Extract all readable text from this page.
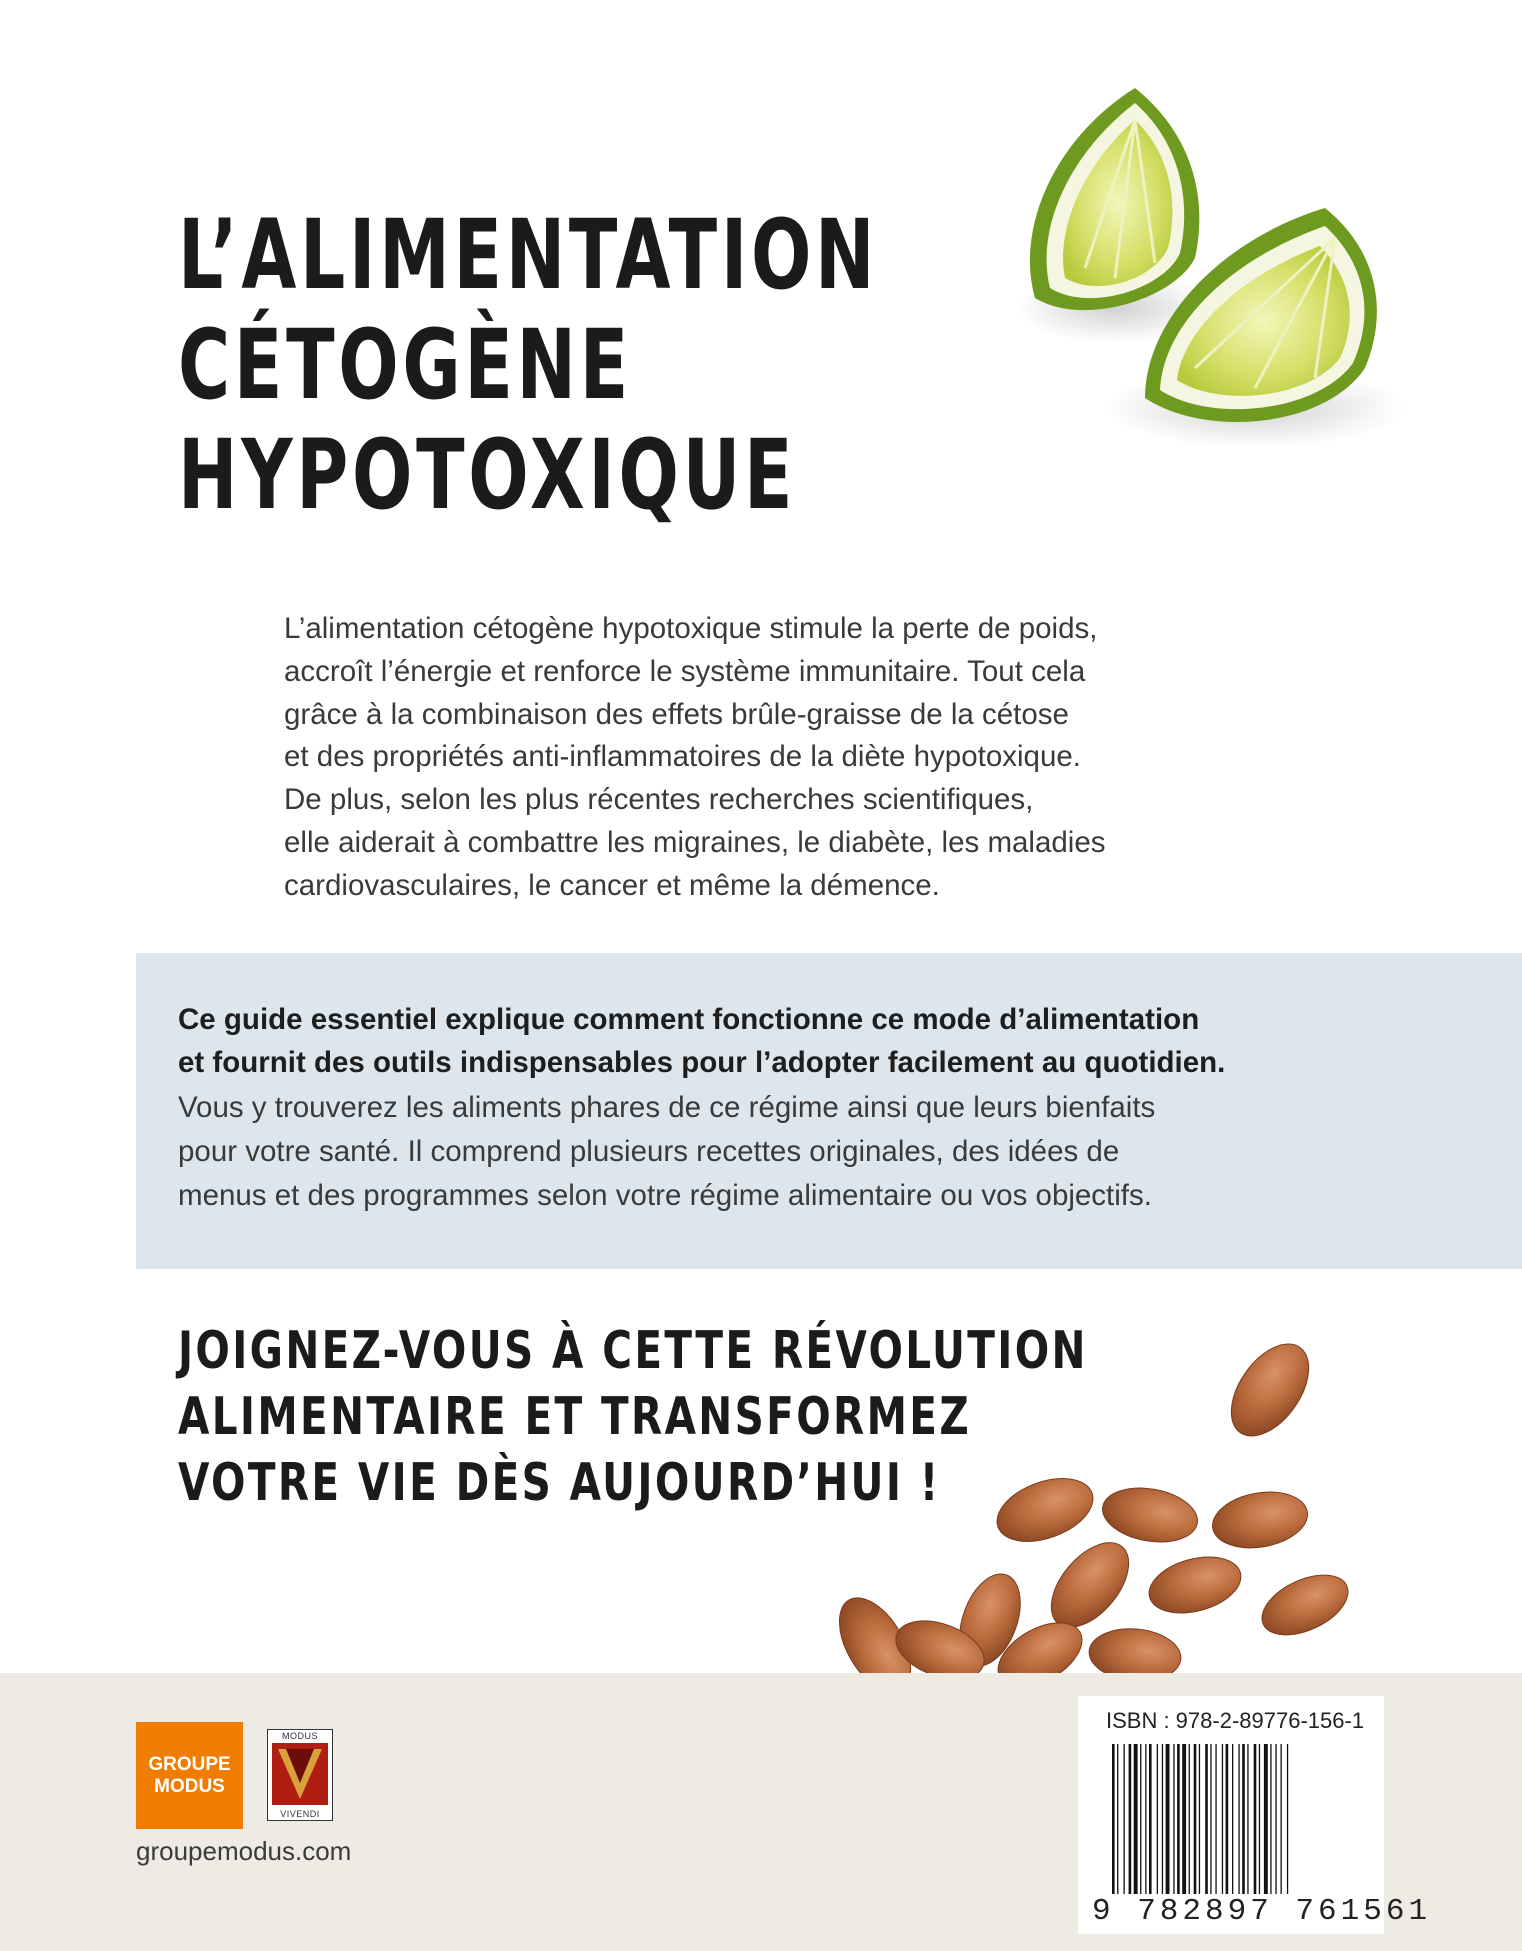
L’ALIMENTATION
CÉTOGÈNE
HYPOTOXIQUE
L’alimentation cétogène hypotoxique stimule la perte de poids,
accroît l’énergie et renforce le système immunitaire. Tout cela
grâce à la combinaison des effets brûle-graisse de la cétose
et des propriétés anti-inflammatoires de la diète hypotoxique.
De plus, selon les plus récentes recherches scientifiques,
elle aiderait à combattre les migraines, le diabète, les maladies
cardiovasculaires, le cancer et même la démence.
Ce guide essentiel explique comment fonctionne ce mode d’alimentation
et fournit des outils indispensables pour l’adopter facilement au quotidien.
Vous y trouverez les aliments phares de ce régime ainsi que leurs bienfaits
pour votre santé. Il comprend plusieurs recettes originales, des idées de
menus et des programmes selon votre régime alimentaire ou vos objectifs.
JOIGNEZ-VOUS À CETTE RÉVOLUTION
ALIMENTAIRE ET TRANSFORMEZ
VOTRE VIE DÈS AUJOURD’HUI !
GROUPE
MODUS
MODUS
VIVENDI
groupemodus.com
ISBN : 978-2-89776-156-1
9 782897 761561
